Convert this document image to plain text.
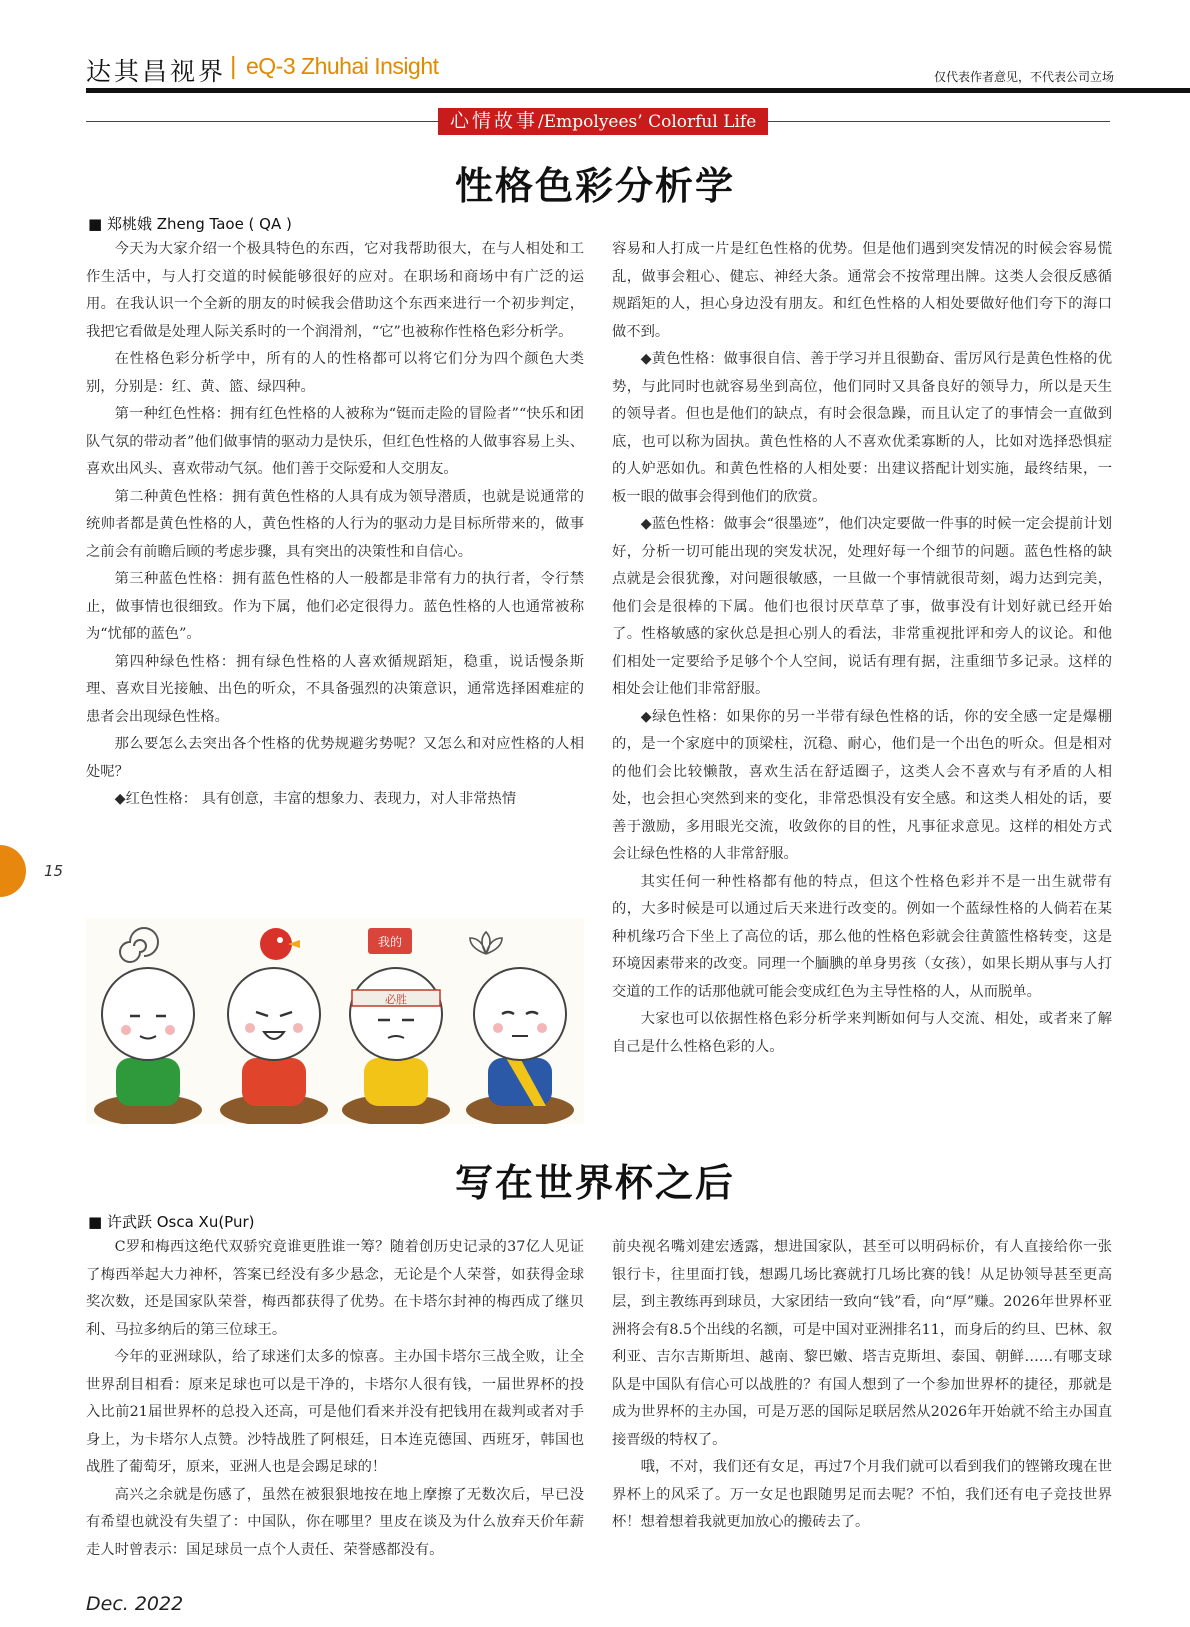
达其昌视界 | eQ-3 Zhuhai Insight	仅代表作者意见，不代表公司立场
心情故事/Empolyees’ Colorful Life
性格色彩分析学
■ 郑桃娥 Zheng Taoe ( QA )

今天为大家介绍一个极具特色的东西，它对我帮助很大，在与人相处和工作生活中，与人打交道的时候能够很好的应对。在职场和商场中有广泛的运用。在我认识一个全新的朋友的时候我会借助这个东西来进行一个初步判定，我把它看做是处理人际关系时的一个润滑剂，“它”也被称作性格色彩分析学。

在性格色彩分析学中，所有的人的性格都可以将它们分为四个颜色大类别，分别是：红、黄、篮、绿四种。

第一种红色性格：拥有红色性格的人被称为“铤而走险的冒险者”“快乐和团队气氛的带动者”他们做事情的驱动力是快乐，但红色性格的人做事容易上头、喜欢出风头、喜欢带动气氛。他们善于交际爱和人交朋友。

第二种黄色性格：拥有黄色性格的人具有成为领导潜质，也就是说通常的统帅者都是黄色性格的人，黄色性格的人行为的驱动力是目标所带来的，做事之前会有前瞻后顾的考虑步骤，具有突出的决策性和自信心。

第三种蓝色性格：拥有蓝色性格的人一般都是非常有力的执行者，令行禁止，做事情也很细致。作为下属，他们必定很得力。蓝色性格的人也通常被称为“忧郁的蓝色”。

第四种绿色性格：拥有绿色性格的人喜欢循规蹈矩，稳重，说话慢条斯理、喜欢目光接触、出色的听众，不具备强烈的决策意识，通常选择困难症的患者会出现绿色性格。

那么要怎么去突出各个性格的优势规避劣势呢？又怎么和对应性格的人相处呢？

◆红色性格： 具有创意，丰富的想象力、表现力，对人非常热情

容易和人打成一片是红色性格的优势。但是他们遇到突发情况的时候会容易慌乱，做事会粗心、健忘、神经大条。通常会不按常理出牌。这类人会很反感循规蹈矩的人，担心身边没有朋友。和红色性格的人相处要做好他们夸下的海口做不到。

◆黄色性格：做事很自信、善于学习并且很勤奋、雷厉风行是黄色性格的优势，与此同时也就容易坐到高位，他们同时又具备良好的领导力，所以是天生的领导者。但也是他们的缺点，有时会很急躁，而且认定了的事情会一直做到底，也可以称为固执。黄色性格的人不喜欢优柔寡断的人，比如对选择恐惧症的人妒恶如仇。和黄色性格的人相处要：出建议搭配计划实施，最终结果，一板一眼的做事会得到他们的欣赏。

◆蓝色性格：做事会“很墨迹”，他们决定要做一件事的时候一定会提前计划好，分析一切可能出现的突发状况，处理好每一个细节的问题。蓝色性格的缺点就是会很犹豫，对问题很敏感，一旦做一个事情就很苛刻，竭力达到完美，他们会是很棒的下属。他们也很讨厌草草了事，做事没有计划好就已经开始了。性格敏感的家伙总是担心别人的看法，非常重视批评和旁人的议论。和他们相处一定要给予足够个个人空间，说话有理有据，注重细节多记录。这样的相处会让他们非常舒服。

◆绿色性格：如果你的另一半带有绿色性格的话，你的安全感一定是爆棚的，是一个家庭中的顶梁柱，沉稳、耐心，他们是一个出色的听众。但是相对的他们会比较懒散，喜欢生活在舒适圈子，这类人会不喜欢与有矛盾的人相处，也会担心突然到来的变化，非常恐惧没有安全感。和这类人相处的话，要善于激励，多用眼光交流，收敛你的目的性，凡事征求意见。这样的相处方式会让绿色性格的人非常舒服。

其实任何一种性格都有他的特点，但这个性格色彩并不是一出生就带有的，大多时候是可以通过后天来进行改变的。例如一个蓝绿性格的人倘若在某种机缘巧合下坐上了高位的话，那么他的性格色彩就会往黄篮性格转变，这是环境因素带来的改变。同理一个腼腆的单身男孩（女孩），如果长期从事与人打交道的工作的话那他就可能会变成红色为主导性格的人，从而脱单。

大家也可以依据性格色彩分析学来判断如何与人交流、相处，或者来了解自己是什么性格色彩的人。

我的
必胜
写在世界杯之后
■ 许武跃 Osca Xu(Pur)

C罗和梅西这绝代双骄究竟谁更胜谁一筹？随着创历史记录的37亿人见证了梅西举起大力神杯，答案已经没有多少悬念，无论是个人荣誉，如获得金球奖次数，还是国家队荣誉，梅西都获得了优势。在卡塔尔封神的梅西成了继贝利、马拉多纳后的第三位球王。

今年的亚洲球队，给了球迷们太多的惊喜。主办国卡塔尔三战全败，让全世界刮目相看：原来足球也可以是干净的，卡塔尔人很有钱，一届世界杯的投入比前21届世界杯的总投入还高，可是他们看来并没有把钱用在裁判或者对手身上，为卡塔尔人点赞。沙特战胜了阿根廷，日本连克德国、西班牙，韩国也战胜了葡萄牙，原来，亚洲人也是会踢足球的！

高兴之余就是伤感了，虽然在被狠狠地按在地上摩擦了无数次后，早已没有希望也就没有失望了：中国队，你在哪里？里皮在谈及为什么放弃天价年薪走人时曾表示：国足球员一点个人责任、荣誉感都没有。

前央视名嘴刘建宏透露，想进国家队，甚至可以明码标价，有人直接给你一张银行卡，往里面打钱，想踢几场比赛就打几场比赛的钱！从足协领导甚至更高层，到主教练再到球员，大家团结一致向“钱”看，向“厚”赚。2026年世界杯亚洲将会有8.5个出线的名额，可是中国对亚洲排名11，而身后的约旦、巴林、叙利亚、吉尔吉斯斯坦、越南、黎巴嫩、塔吉克斯坦、泰国、朝鲜……有哪支球队是中国队有信心可以战胜的？有国人想到了一个参加世界杯的捷径，那就是成为世界杯的主办国，可是万恶的国际足联居然从2026年开始就不给主办国直接晋级的特权了。

哦，不对，我们还有女足，再过7个月我们就可以看到我们的铿锵玫瑰在世界杯上的风采了。万一女足也跟随男足而去呢？不怕，我们还有电子竞技世界杯！想着想着我就更加放心的搬砖去了。

15
Dec. 2022
